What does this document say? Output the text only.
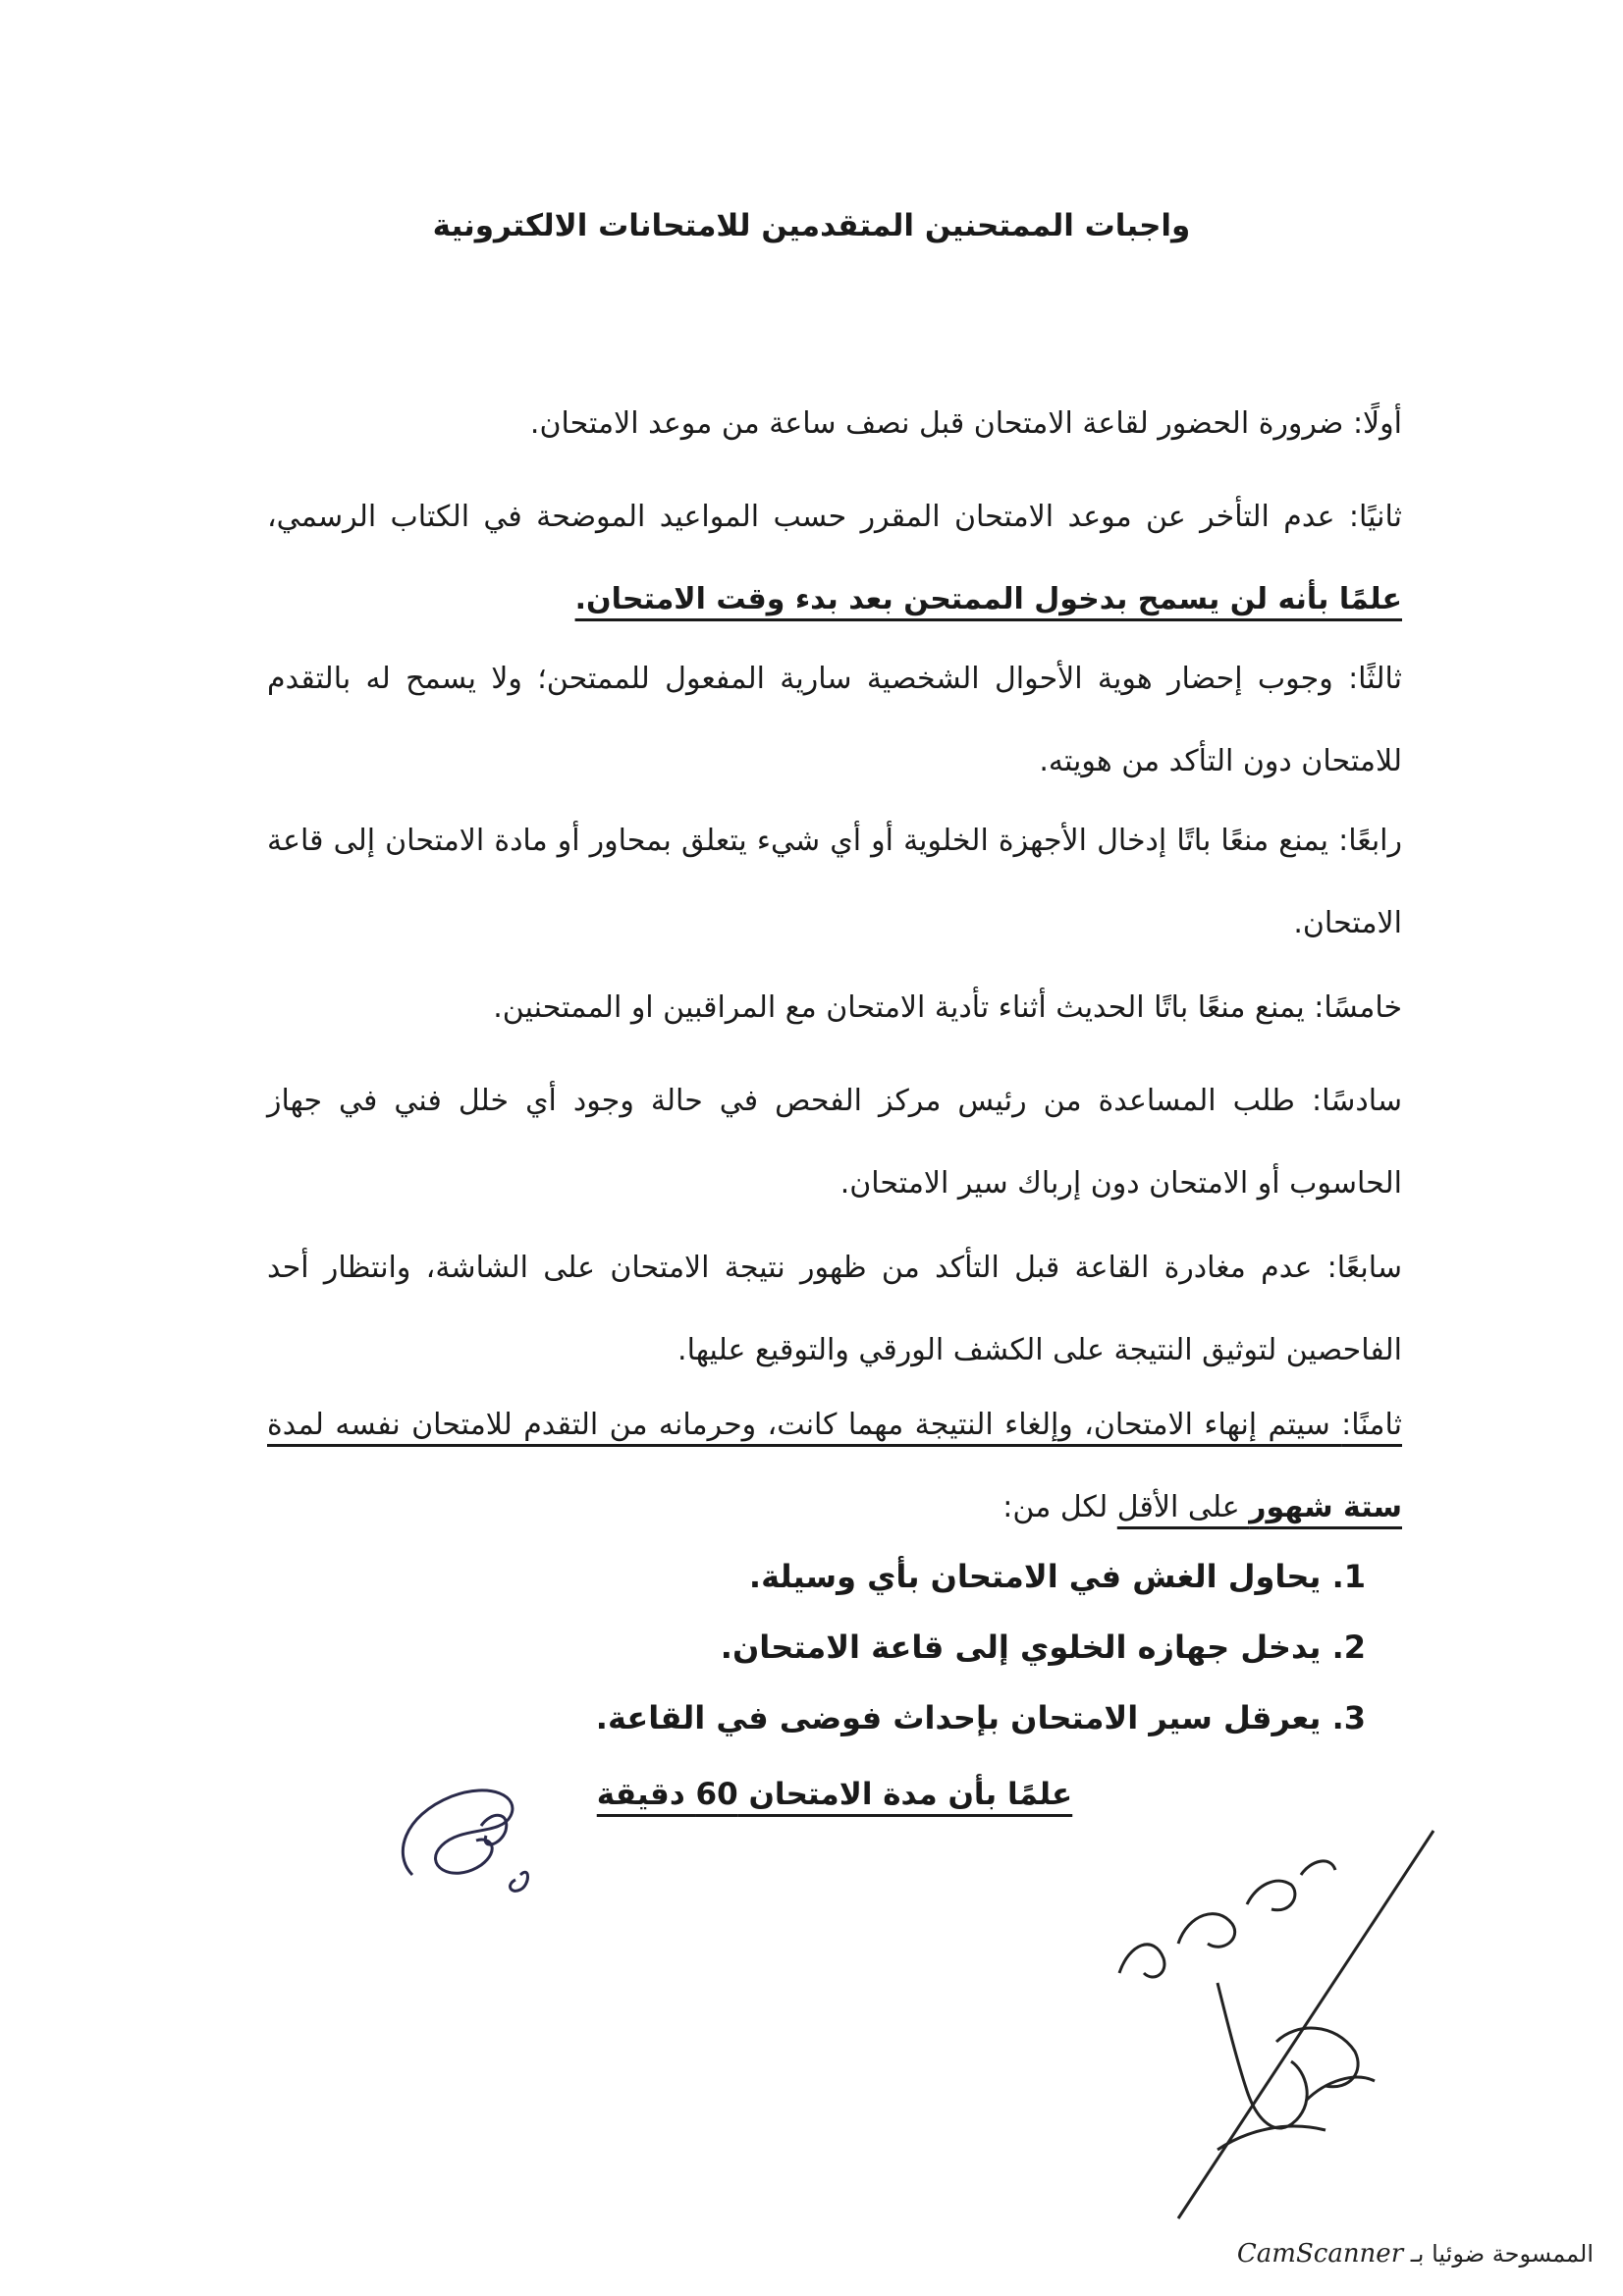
واجبات الممتحنين المتقدمين للامتحانات الالكترونية
أولًا: ضرورة الحضور لقاعة الامتحان قبل نصف ساعة من موعد الامتحان.
ثانيًا: عدم التأخر عن موعد الامتحان المقرر حسب المواعيد الموضحة في الكتاب الرسمي، علمًا بأنه لن يسمح بدخول الممتحن بعد بدء وقت الامتحان.
ثالثًا: وجوب إحضار هوية الأحوال الشخصية سارية المفعول للممتحن؛ ولا يسمح له بالتقدم للامتحان دون التأكد من هويته.
رابعًا: يمنع منعًا باتًا إدخال الأجهزة الخلوية أو أي شيء يتعلق بمحاور أو مادة الامتحان إلى قاعة الامتحان.
خامسًا: يمنع منعًا باتًا الحديث أثناء تأدية الامتحان مع المراقبين او الممتحنين.
سادسًا: طلب المساعدة من رئيس مركز الفحص في حالة وجود أي خلل فني في جهاز الحاسوب أو الامتحان دون إرباك سير الامتحان.
سابعًا: عدم مغادرة القاعة قبل التأكد من ظهور نتيجة الامتحان على الشاشة، وانتظار أحد الفاحصين لتوثيق النتيجة على الكشف الورقي والتوقيع عليها.
ثامنًا: سيتم إنهاء الامتحان، وإلغاء النتيجة مهما كانت، وحرمانه من التقدم للامتحان نفسه لمدة ستة شهور على الأقل لكل من:
1. يحاول الغش في الامتحان بأي وسيلة.
2. يدخل جهازه الخلوي إلى قاعة الامتحان.
3. يعرقل سير الامتحان بإحداث فوضى في القاعة.
علمًا بأن مدة الامتحان 60 دقيقة
الممسوحة ضوئيا بـ CamScanner
